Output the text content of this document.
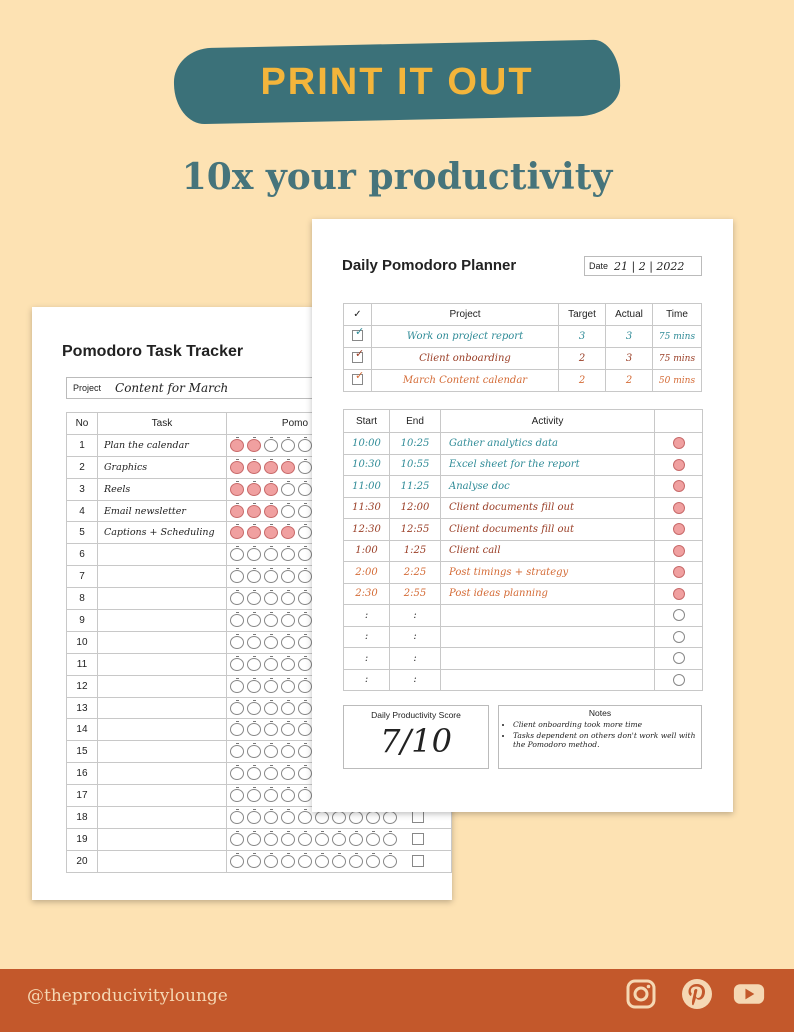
PRINT IT OUT
10x your productivity
Pomodoro Task Tracker
Project Content for March
No	Task	Pomo
1	Plan the calendar	
2	Graphics	
3	Reels	
4	Email newsletter	
5	Captions + Scheduling	
6		
7		
8		
9		
10		
11		
12		
13		
14		
15		
16		
17		
18		
19		
20		
Daily Pomodoro Planner	Date 21 | 2 | 2022
✓	Project	Target	Actual	Time

✓	Work on project report	3	3	75 mins

✓	Client onboarding	2	3	75 mins

✓	March Content calendar	2	2	50 mins
Start	End	Activity	
10:00	10:25	Gather analytics data	
10:30	10:55	Excel sheet for the report	
11:00	11:25	Analyse doc	
11:30	12:00	Client documents fill out	
12:30	12:55	Client documents fill out	
1:00	1:25	Client call	
2:00	2:25	Post timings + strategy	
2:30	2:55	Post ideas planning	
:	:		
:	:		
:	:		
:	:		
Daily Productivity Score
7/10
Notes
• Client onboarding took more time
• Tasks dependent on others don't work well with the Pomodoro method.
@theproducivitylounge
